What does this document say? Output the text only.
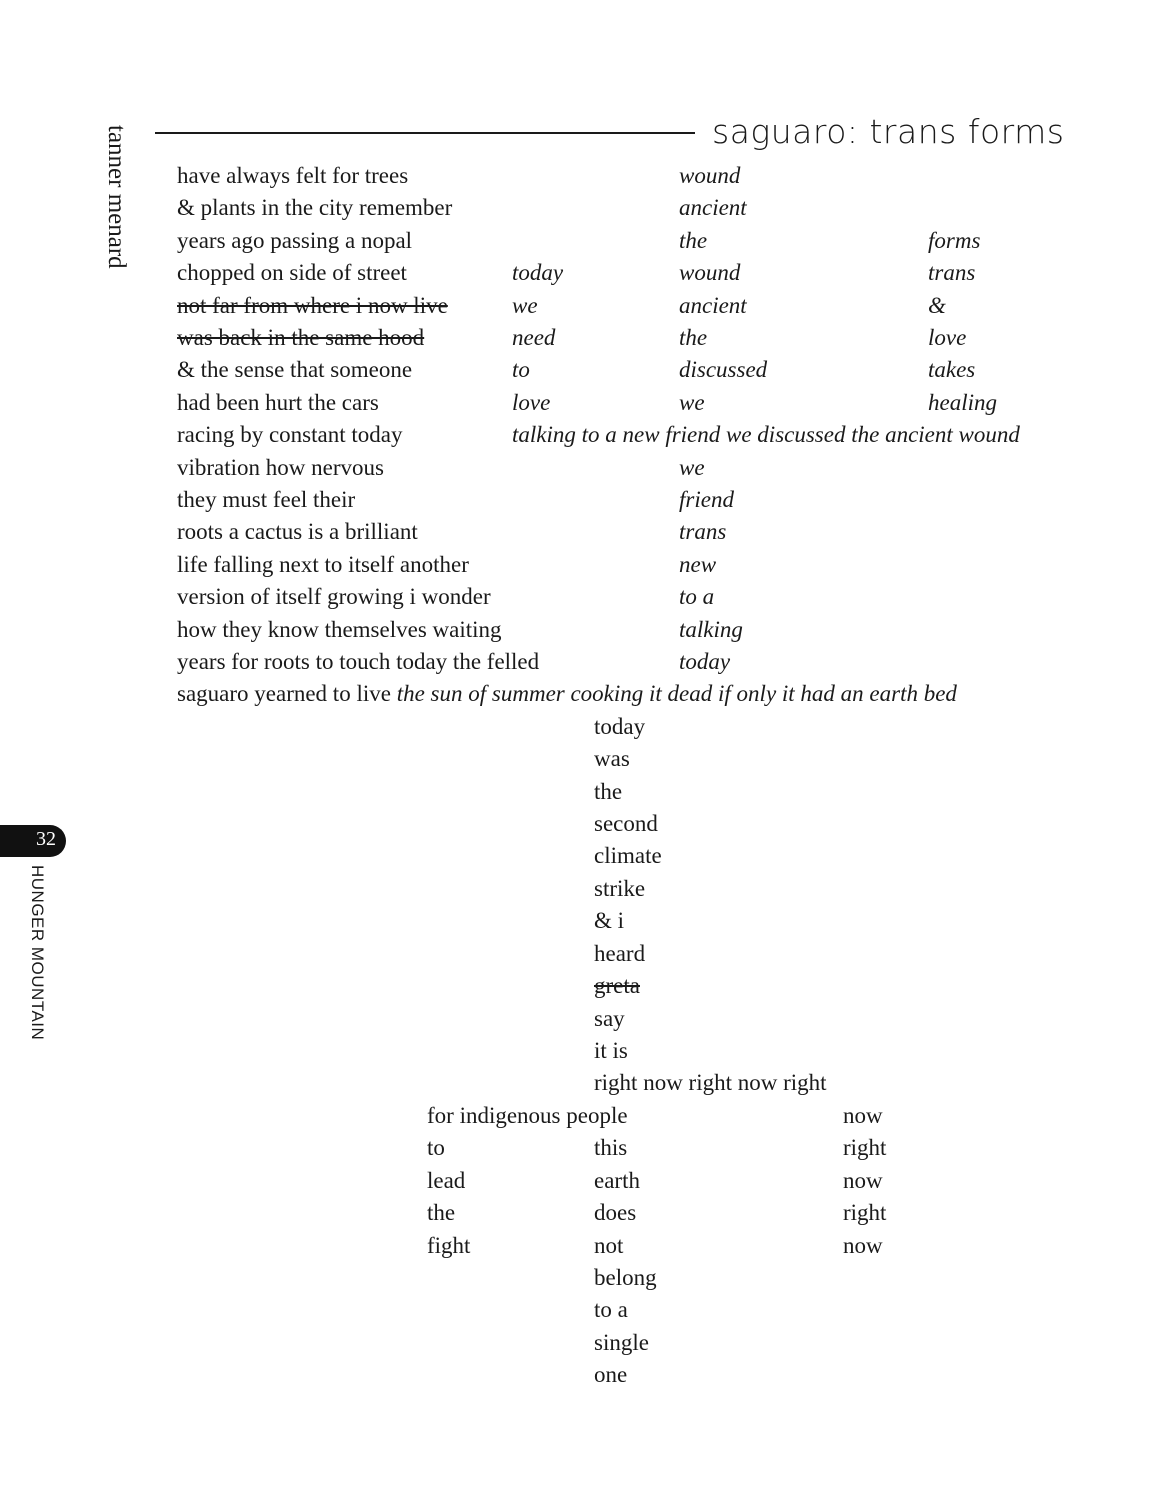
saguaro: trans forms
tanner menard
32
HUNGER MOUNTAIN
have always felt for trees
& plants in the city remember
years ago passing a nopal
chopped on side of street
not far from where i now live
was back in the same hood
& the sense that someone
had been hurt the cars
racing by constant today
vibration how nervous
they must feel their
roots a cactus is a brilliant
life falling next to itself another
version of itself growing i wonder
how they know themselves waiting
years for roots to touch today the felled
saguaro yearned to live the sun of summer cooking it dead if only it had an earth bed
today
we
need
to
love
talking to a new friend we discussed the ancient wound
wound
ancient
the
wound
ancient
the
discussed
we
we
friend
trans
new
to a
talking
today
forms
trans
&
love
takes
healing
today
was
the
second
climate
strike
& i
heard
greta
say
it is
right now right now right
this
earth
does
not
belong
to a
single
one
for indigenous people
to
lead
the
fight
now
right
now
right
now
